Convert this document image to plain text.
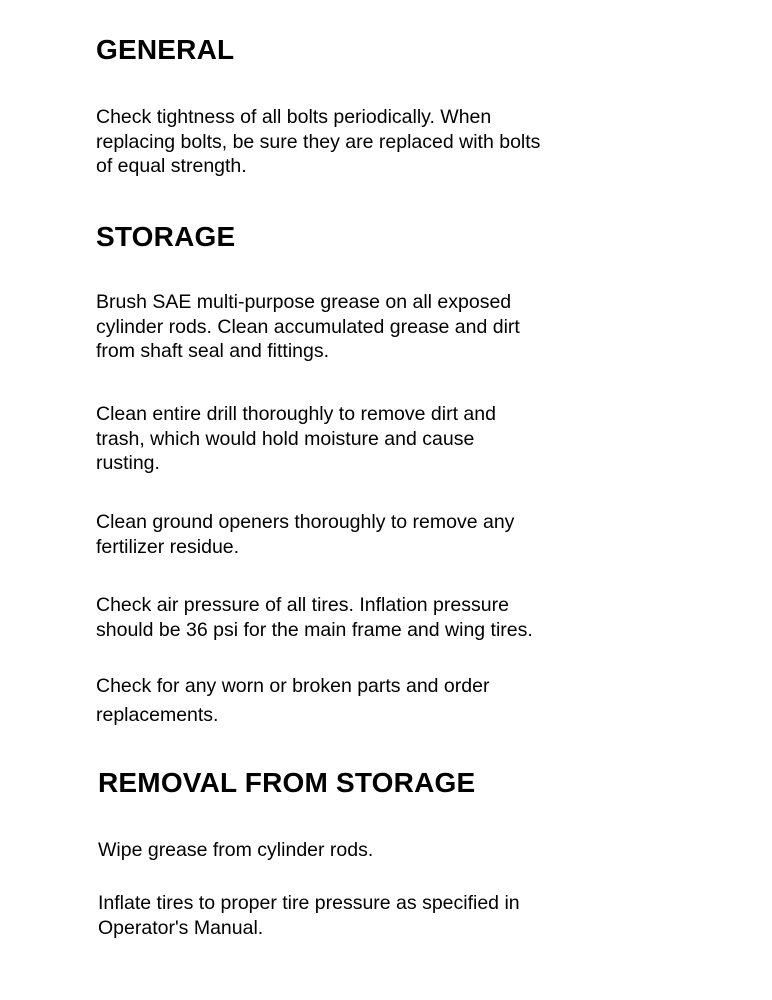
GENERAL

Check tightness of all bolts periodically. When
replacing bolts, be sure they are replaced with bolts
of equal strength.

STORAGE

Brush SAE multi-purpose grease on all exposed
cylinder rods. Clean accumulated grease and dirt
from shaft seal and fittings.

Clean entire drill thoroughly to remove dirt and
trash, which would hold moisture and cause
rusting.

Clean ground openers thoroughly to remove any
fertilizer residue.

Check air pressure of all tires. Inflation pressure
should be 36 psi for the main frame and wing tires.

Check for any worn or broken parts and order
replacements.

REMOVAL FROM STORAGE

Wipe grease from cylinder rods.

Inflate tires to proper tire pressure as specified in
Operator's Manual.
